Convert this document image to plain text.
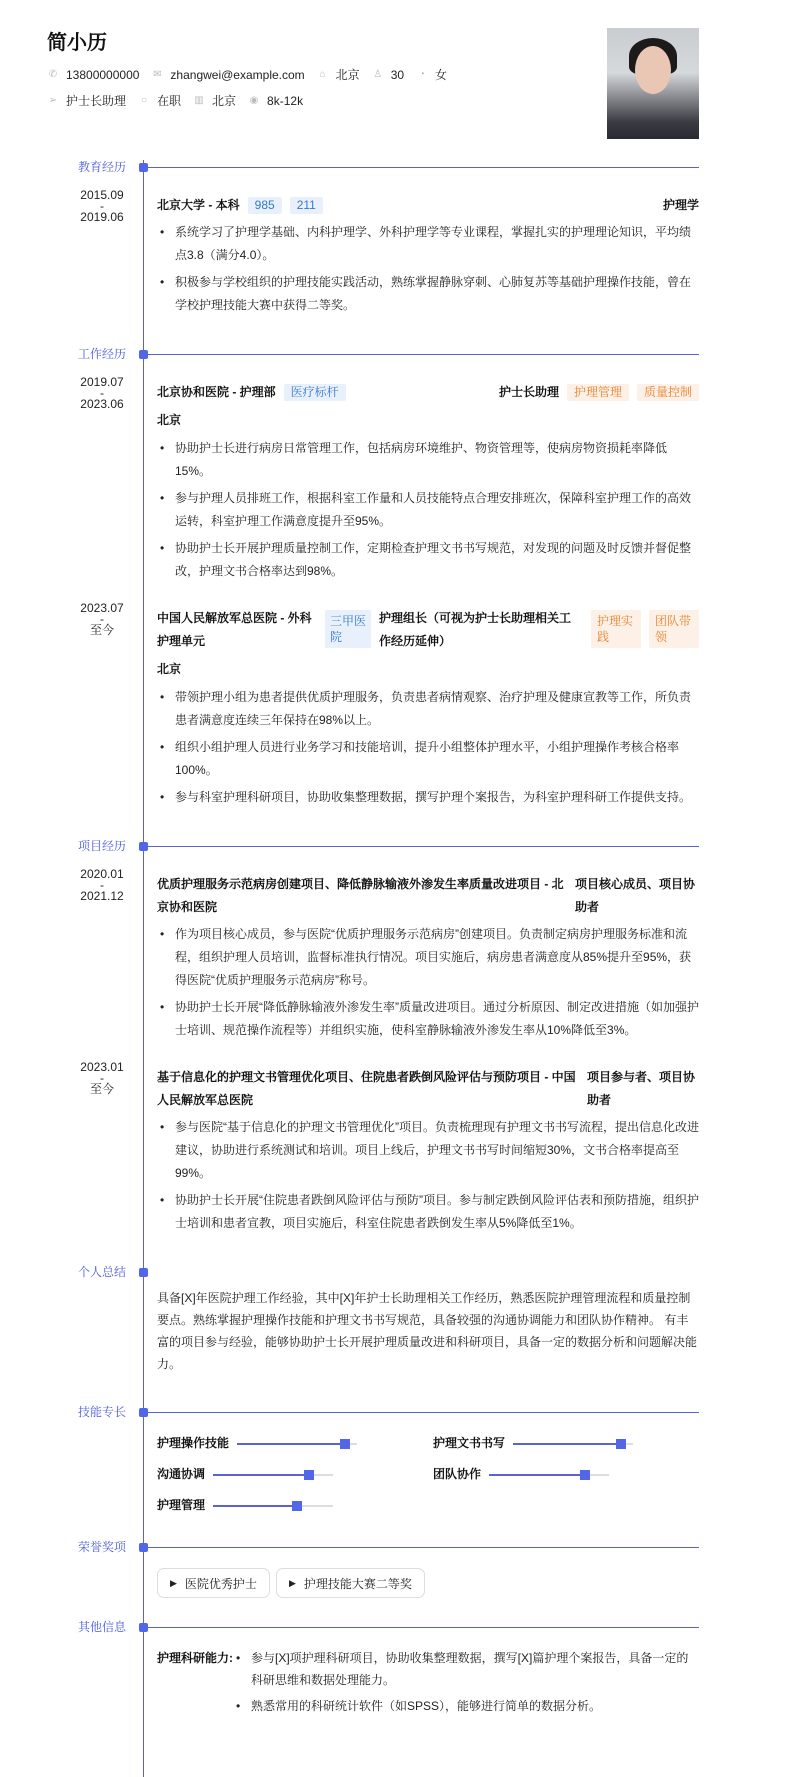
简小历
✆ 13800000000 ✉ zhangwei@example.com ⌂ 北京 ♙ 30 ◔ 女
➢ 护士长助理 ○ 在职 ▥ 北京 ◉ 8k-12k
教育经历
2015.09
-
2019.06
北京大学 - 本科	985	211	护理学
• 系统学习了护理学基础、内科护理学、外科护理学等专业课程，掌握扎实的护理理论知识，平均绩点3.8（满分4.0）。
• 积极参与学校组织的护理技能实践活动，熟练掌握静脉穿刺、心肺复苏等基础护理操作技能，曾在学校护理技能大赛中获得二等奖。
工作经历
2019.07
-
2023.06
北京协和医院 - 护理部	医疗标杆	护士长助理	护理管理	质量控制
北京
• 协助护士长进行病房日常管理工作，包括病房环境维护、物资管理等，使病房物资损耗率降低15%。
• 参与护理人员排班工作，根据科室工作量和人员技能特点合理安排班次，保障科室护理工作的高效运转，科室护理工作满意度提升至95%。
• 协助护士长开展护理质量控制工作，定期检查护理文书书写规范，对发现的问题及时反馈并督促整改，护理文书合格率达到98%。
2023.07
-
至今
中国人民解放军总医院 - 外科护理单元
三甲医院
护理组长（可视为护士长助理相关工作经历延伸）
护理实践
团队带领
北京
• 带领护理小组为患者提供优质护理服务，负责患者病情观察、治疗护理及健康宣教等工作，所负责患者满意度连续三年保持在98%以上。
• 组织小组护理人员进行业务学习和技能培训，提升小组整体护理水平，小组护理操作考核合格率100%。
• 参与科室护理科研项目，协助收集整理数据，撰写护理个案报告，为科室护理科研工作提供支持。
项目经历
2020.01
-
2021.12
优质护理服务示范病房创建项目、降低静脉输液外渗发生率质量改进项目 - 北京协和医院
项目核心成员、项目协助者
• 作为项目核心成员，参与医院“优质护理服务示范病房”创建项目。负责制定病房护理服务标准和流程，组织护理人员培训，监督标准执行情况。项目实施后，病房患者满意度从85%提升至95%，获得医院“优质护理服务示范病房”称号。
• 协助护士长开展“降低静脉输液外渗发生率”质量改进项目。通过分析原因、制定改进措施（如加强护士培训、规范操作流程等）并组织实施，使科室静脉输液外渗发生率从10%降低至3%。
2023.01
-
至今
基于信息化的护理文书管理优化项目、住院患者跌倒风险评估与预防项目 - 中国人民解放军总医院
项目参与者、项目协助者
• 参与医院“基于信息化的护理文书管理优化”项目。负责梳理现有护理文书书写流程，提出信息化改进建议，协助进行系统测试和培训。项目上线后，护理文书书写时间缩短30%，文书合格率提高至99%。
• 协助护士长开展“住院患者跌倒风险评估与预防”项目。参与制定跌倒风险评估表和预防措施，组织护士培训和患者宣教，项目实施后，科室住院患者跌倒发生率从5%降低至1%。
个人总结
具备[X]年医院护理工作经验，其中[X]年护士长助理相关工作经历，熟悉医院护理管理流程和质量控制要点。熟练掌握护理操作技能和护理文书书写规范，具备较强的沟通协调能力和团队协作精神。 有丰富的项目参与经验，能够协助护士长开展护理质量改进和科研项目，具备一定的数据分析和问题解决能力。
技能专长
护理操作技能	护理文书书写
沟通协调	团队协作
护理管理
荣誉奖项
▶ 医院优秀护士	▶ 护理技能大赛二等奖
其他信息
护理科研能力:	• 参与[X]项护理科研项目，协助收集整理数据，撰写[X]篇护理个案报告，具备一定的科研思维和数据处理能力。
• 熟悉常用的科研统计软件（如SPSS），能够进行简单的数据分析。
